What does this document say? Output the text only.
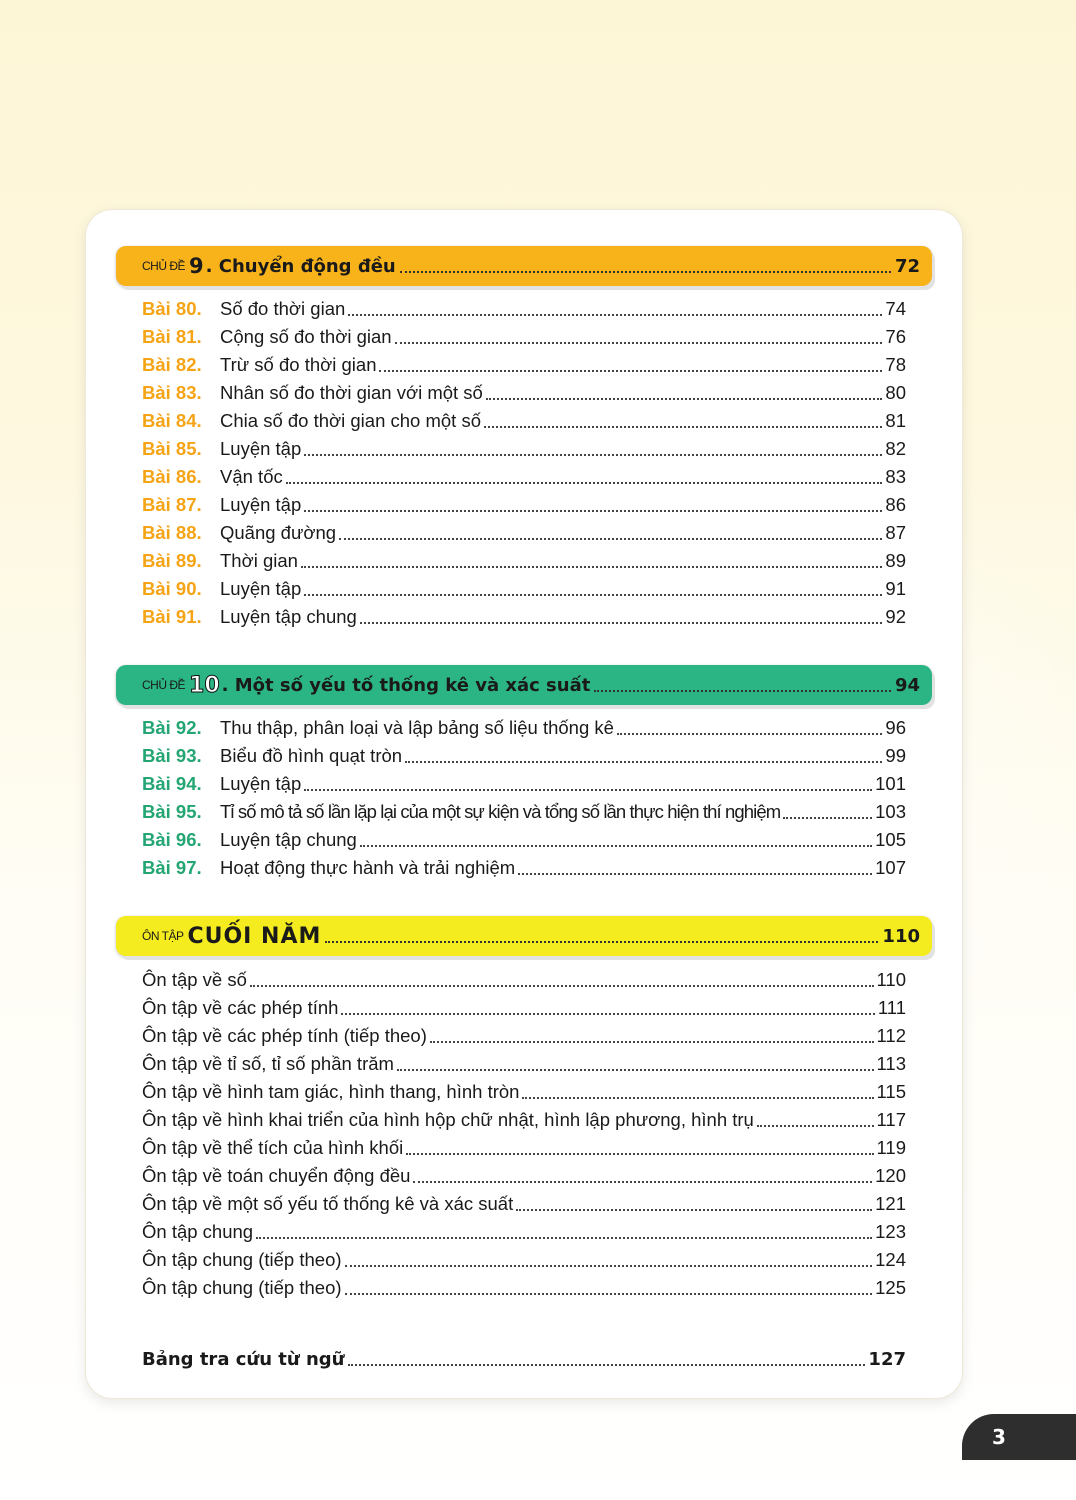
CHỦ ĐỀ 9 . Chuyển động đều	72
Bài 80. Số đo thời gian	74
Bài 81. Cộng số đo thời gian	76
Bài 82. Trừ số đo thời gian	78
Bài 83. Nhân số đo thời gian với một số	80
Bài 84. Chia số đo thời gian cho một số	81
Bài 85. Luyện tập	82
Bài 86. Vận tốc	83
Bài 87. Luyện tập	86
Bài 88. Quãng đường	87
Bài 89. Thời gian	89
Bài 90. Luyện tập	91
Bài 91. Luyện tập chung	92
CHỦ ĐỀ 10 . Một số yếu tố thống kê và xác suất	94
Bài 92. Thu thập, phân loại và lập bảng số liệu thống kê	96
Bài 93. Biểu đồ hình quạt tròn	99
Bài 94. Luyện tập	101
Bài 95. Tỉ số mô tả số lần lặp lại của một sự kiện và tổng số lần thực hiện thí nghiệm	103
Bài 96. Luyện tập chung	105
Bài 97. Hoạt động thực hành và trải nghiệm	107
ÔN TẬP CUỐI NĂM	110
Ôn tập về số	110
Ôn tập về các phép tính	111
Ôn tập về các phép tính (tiếp theo)	112
Ôn tập về tỉ số, tỉ số phần trăm	113
Ôn tập về hình tam giác, hình thang, hình tròn	115
Ôn tập về hình khai triển của hình hộp chữ nhật, hình lập phương, hình trụ	117
Ôn tập về thể tích của hình khối	119
Ôn tập về toán chuyển động đều	120
Ôn tập về một số yếu tố thống kê và xác suất	121
Ôn tập chung	123
Ôn tập chung (tiếp theo)	124
Ôn tập chung (tiếp theo)	125
Bảng tra cứu từ ngữ	127
3
